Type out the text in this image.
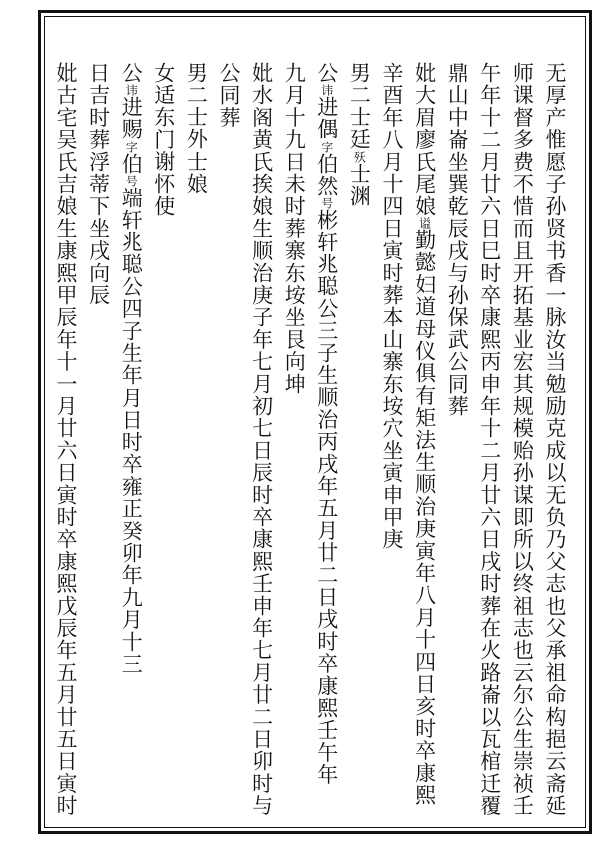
无厚产惟愿子孙贤书香一脉汝当勉励克成以无负乃父志也父承祖命构挹云斋延
师课督多费不惜而且开拓基业宏其规模贻孙谋即所以终祖志也云尔公生崇祯壬
午年十二月廿六日巳时卒康熙丙申年十二月廿六日戌时葬在火路崙以瓦棺迁覆
鼎山中崙坐巽乾辰戌与孙保武公同葬
妣大眉廖氏尾娘谥勤懿妇道母仪俱有矩法生顺治庚寅年八月十四日亥时卒康熙
辛酉年八月十四日寅时葬本山寨东垵穴坐寅申甲庚
男二士廷殀士渊
公讳进偶字伯然号彬轩兆聪公三子生顺治丙戌年五月廿二日戌时卒康熙壬午年
九月十九日未时葬寨东垵坐艮向坤
妣水阁黄氏挨娘生顺治庚子年七月初七日辰时卒康熙壬申年七月廿二日卯时与
公同葬
男二士外士娘
女适东门谢怀使
公讳进赐字伯号端轩兆聪公四子生年月日时卒雍正癸卯年九月十三
日吉时葬浮蒂下坐戌向辰
妣古宅吴氏吉娘生康熙甲辰年十一月廿六日寅时卒康熙戊辰年五月廿五日寅时
